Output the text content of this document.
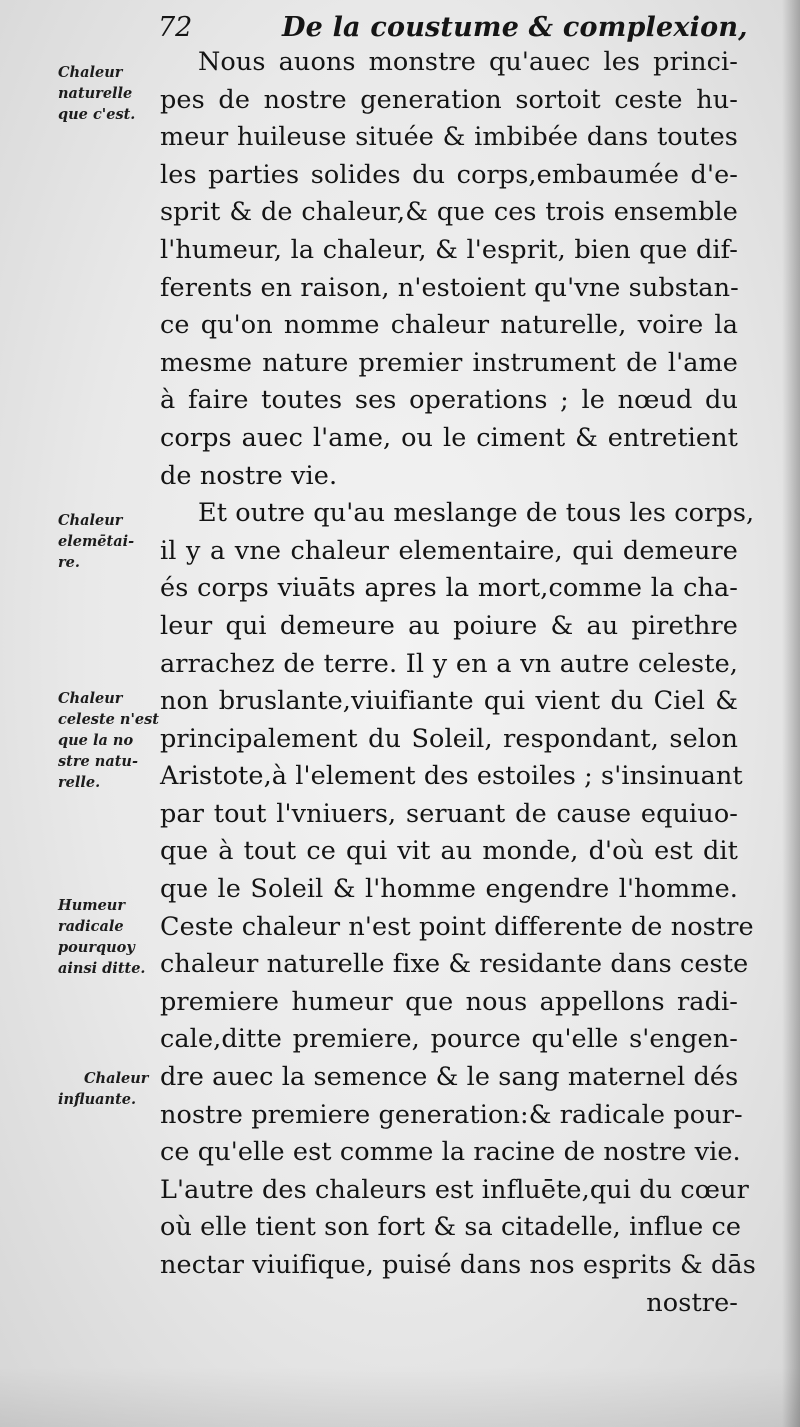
72	De la coustume & complexion,
Chaleur
naturelle
que c'est.
Chaleur
elemētai-
re.
Chaleur
celeste n'est
que la no
stre natu-
relle.
Humeur
radicale
pourquoy
ainsi ditte.
Chaleur
influante.
Nous auons monstre qu'auec les princi-
pes de nostre generation sortoit ceste hu-
meur huileuse située & imbibée dans toutes
les parties solides du corps,embaumée d'e-
sprit & de chaleur,& que ces trois ensemble
l'humeur, la chaleur, & l'esprit, bien que dif-
ferents en raison, n'estoient qu'vne substan-
ce qu'on nomme chaleur naturelle, voire la
mesme nature premier instrument de l'ame
à faire toutes ses operations ; le nœud du
corps auec l'ame, ou le ciment & entretient
de nostre vie.
Et outre qu'au meslange de tous les corps,
il y a vne chaleur elementaire, qui demeure
és corps viuāts apres la mort,comme la cha-
leur qui demeure au poiure & au pirethre
arrachez de terre. Il y en a vn autre celeste,
non bruslante,viuifiante qui vient du Ciel &
principalement du Soleil, respondant, selon
Aristote,à l'element des estoiles ; s'insinuant
par tout l'vniuers, seruant de cause equiuo-
que à tout ce qui vit au monde, d'où est dit
que le Soleil & l'homme engendre l'homme.
Ceste chaleur n'est point differente de nostre
chaleur naturelle fixe & residante dans ceste
premiere humeur que nous appellons radi-
cale,ditte premiere, pource qu'elle s'engen-
dre auec la semence & le sang maternel dés
nostre premiere generation:& radicale pour-
ce qu'elle est comme la racine de nostre vie.
L'autre des chaleurs est influēte,qui du cœur
où elle tient son fort & sa citadelle, influe ce
nectar viuifique, puisé dans nos esprits & dās
nostre-
